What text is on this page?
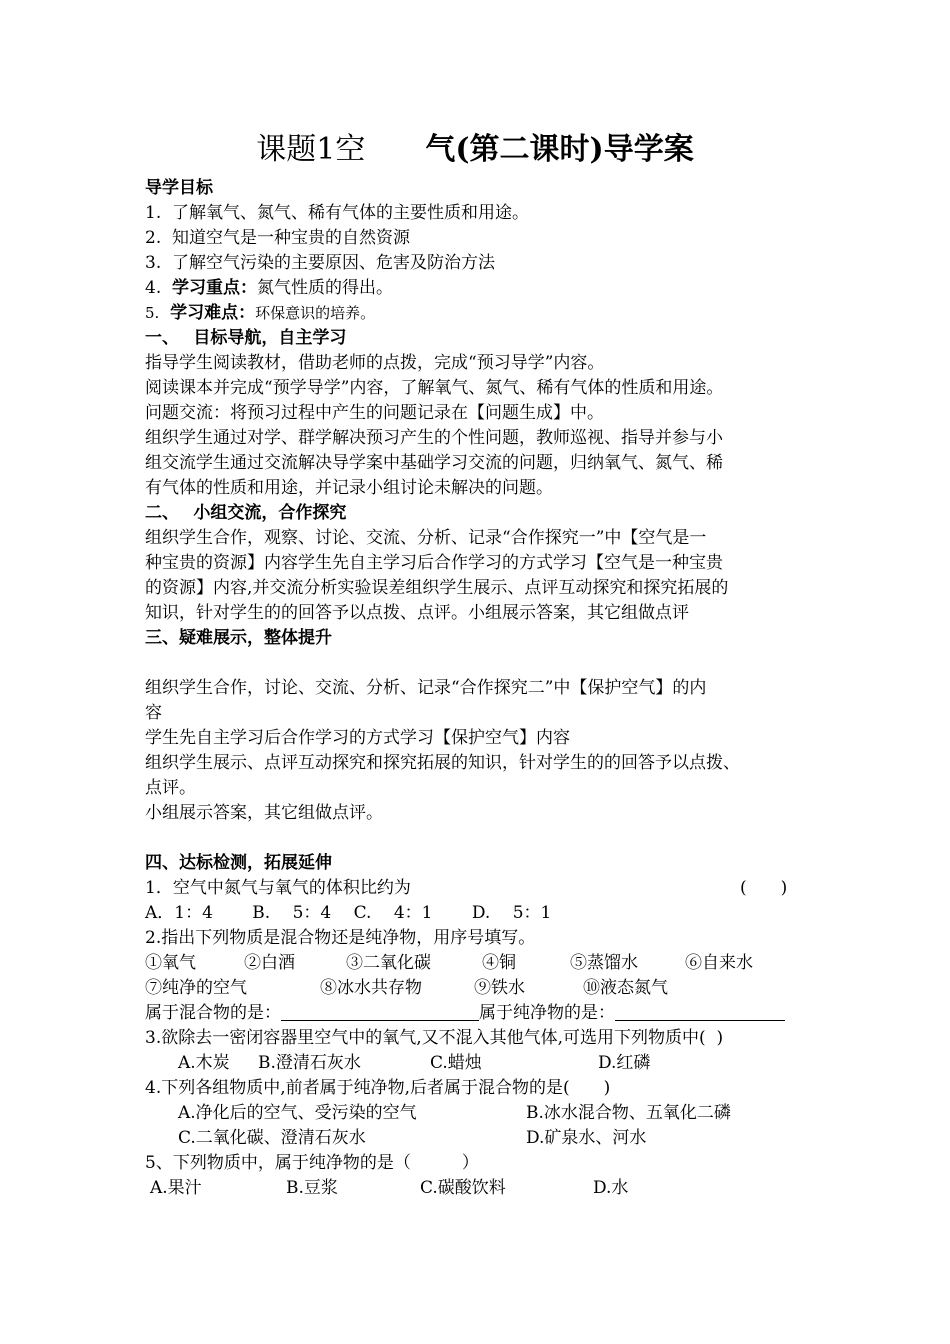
课题1空　　气(第二课时)导学案
导学目标
1. 了解氧气、氮气、稀有气体的主要性质和用途。
2. 知道空气是一种宝贵的自然资源
3. 了解空气污染的主要原因、危害及防治方法
4. 学习重点：氮气性质的得出。
5. 学习难点：环保意识的培养。
一、　 目标导航，自主学习
指导学生阅读教材，借助老师的点拨，完成“预习导学”内容。
阅读课本并完成“预学导学”内容，了解氧气、氮气、稀有气体的性质和用途。
问题交流：将预习过程中产生的问题记录在【问题生成】中。
组织学生通过对学、群学解决预习产生的个性问题，教师巡视、指导并参与小
组交流学生通过交流解决导学案中基础学习交流的问题，归纳氧气、氮气、稀
有气体的性质和用途，并记录小组讨论未解决的问题。
二、　 小组交流，合作探究
组织学生合作，观察、讨论、交流、分析、记录“合作探究一”中【空气是一
种宝贵的资源】内容学生先自主学习后合作学习的方式学习【空气是一种宝贵
的资源】内容,并交流分析实验误差组织学生展示、点评互动探究和探究拓展的
知识，针对学生的的回答予以点拨、点评。小组展示答案，其它组做点评
三、疑难展示，整体提升
组织学生合作，讨论、交流、分析、记录“合作探究二”中【保护空气】的内
容
学生先自主学习后合作学习的方式学习【保护空气】内容
组织学生展示、点评互动探究和探究拓展的知识，针对学生的的回答予以点拨、
点评。
小组展示答案，其它组做点评。
四、达标检测，拓展延伸
1．空气中氮气与氧气的体积比约为	(　　)
A．1：4　　 B.　 5：4　 C.　 4：1　　 D.　 5：1
2.指出下列物质是混合物还是纯净物，用序号填写。
①氧气	②白酒	③二氧化碳	④铜	⑤蒸馏水	⑥自来水
⑦纯净的空气	⑧冰水共存物	⑨铁水	⑩液态氮气
属于混合物的是：	属于纯净物的是：
3.欲除去一密闭容器里空气中的氧气,又不混入其他气体,可选用下列物质中(  )
A.木炭 B.澄清石灰水	C.蜡烛	D.红磷
4.下列各组物质中,前者属于纯净物,后者属于混合物的是(　　)
A.净化后的空气、受污染的空气	B.冰水混合物、五氧化二磷
C.二氧化碳、澄清石灰水	D.矿泉水、河水
5、下列物质中，属于纯净物的是（　　　）
A.果汁	B.豆浆	C.碳酸饮料	D.水
